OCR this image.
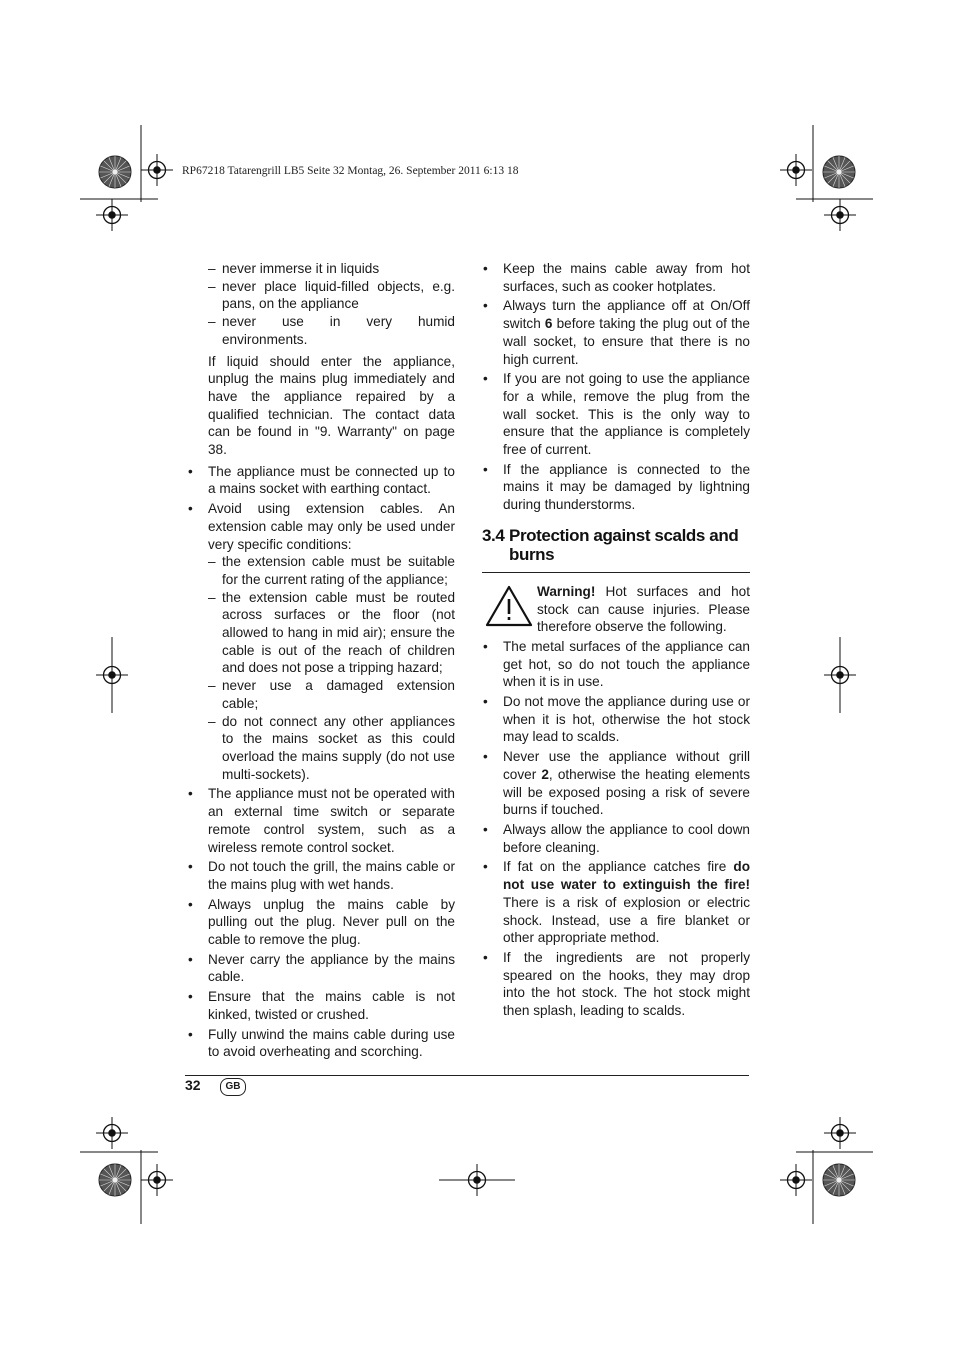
RP67218 Tatarengrill LB5 Seite 32 Montag, 26. September 2011 6:13 18
– never immerse it in liquids
– never place liquid-filled objects, e.g. pans, on the appliance
– never use in very humid environments.
If liquid should enter the appliance, unplug the mains plug immediately and have the appliance repaired by a qualified technician. The contact data can be found in "9. Warranty" on page 38.
• The appliance must be connected up to a mains socket with earthing contact.
• Avoid using extension cables. An extension cable may only be used under very specific conditions:
– the extension cable must be suitable for the current rating of the appliance;
– the extension cable must be routed across surfaces or the floor (not allowed to hang in mid air); ensure the cable is out of the reach of children and does not pose a tripping hazard;
– never use a damaged extension cable;
– do not connect any other appliances to the mains socket as this could overload the mains supply (do not use multi-sockets).
• The appliance must not be operated with an external time switch or separate remote control system, such as a wireless remote control socket.
• Do not touch the grill, the mains cable or the mains plug with wet hands.
• Always unplug the mains cable by pulling out the plug. Never pull on the cable to remove the plug.
• Never carry the appliance by the mains cable.
• Ensure that the mains cable is not kinked, twisted or crushed.
• Fully unwind the mains cable during use to avoid overheating and scorching.
• Keep the mains cable away from hot surfaces, such as cooker hotplates.
• Always turn the appliance off at On/Off switch 6 before taking the plug out of the wall socket, to ensure that there is no high current.
• If you are not going to use the appliance for a while, remove the plug from the wall socket. This is the only way to ensure that the appliance is completely free of current.
• If the appliance is connected to the mains it may be damaged by lightning during thunderstorms.
3.4 Protection against scalds and burns
Warning! Hot surfaces and hot stock can cause injuries. Please therefore observe the following.
• The metal surfaces of the appliance can get hot, so do not touch the appliance when it is in use.
• Do not move the appliance during use or when it is hot, otherwise the hot stock may lead to scalds.
• Never use the appliance without grill cover 2, otherwise the heating elements will be exposed posing a risk of severe burns if touched.
• Always allow the appliance to cool down before cleaning.
• If fat on the appliance catches fire do not use water to extinguish the fire! There is a risk of explosion or electric shock. Instead, use a fire blanket or other appropriate method.
• If the ingredients are not properly speared on the hooks, they may drop into the hot stock. The hot stock might then splash, leading to scalds.
32	GB
